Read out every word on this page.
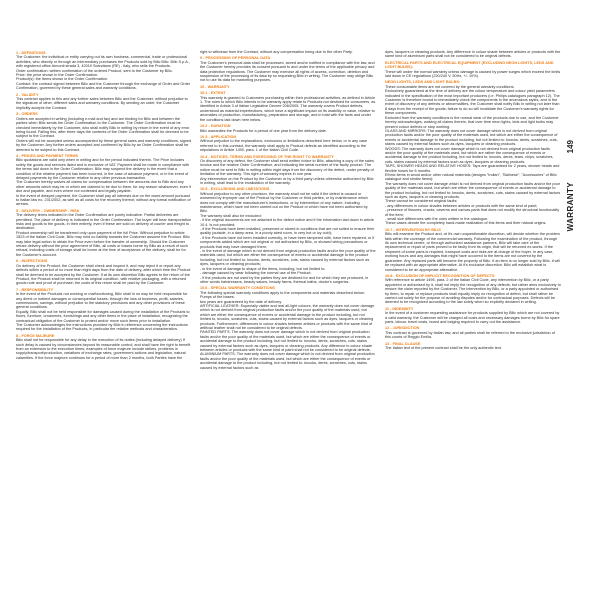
1 - DEFINITIONS

The Customer: the individual or entity carrying out its own business, commercial, trade or professional activities, who directly or through an intermediary purchases the Products sold by Bilic Bilic: Bilic S.p.A., with registered office Annonti strada 3, 42019 Scandiano (RE) - Italy, who sells the Products.

Order confirmation: written confirmation of the ordered Product, sent to the Customer by Bilic.

Price: the price shown in the Order Confirmation.

Product(s): the Items shown in the Order Confirmation.

Contract: the contract signed between Bilic and the Customer through the exchange of Order and Order Confirmation, governed by these general sales and warranty conditions.

2 - VALIDITY

This contract applies to this and any further sales between Bilic and the Customer, without prejudice to the signature of other, different sales and warranty conditions. By sending an order, the Customer implicitly accepts the Contract.

3 - ORDERS

Orders are accepted in writing (including e-mail and fax) and are binding for Bilic and between the parties when Bilic sends the Order Confirmation to the Customer. The Order Confirmation must be checked immediately by the Customer, who shall notify Bilic in writing by return in the event of any error being found. Failing this, after three days the contents of the Order Confirmation shall be deemed to be subject to the Contract.

Orders will not be accepted unless accompanied by these general sales and warranty conditions, signed by the Customer. Any further orders accepted and confirmed by Bilic by an Order Confirmation shall be deemed to be subject to this Contract.

4 - PRICES AND PAYMENT TERMS

Bilic quotations are valid only when in writing and for the period indicated therein. The Price includes solely the goods and services listed and is exclusive of VAT. Payment shall be made in compliance with the terms laid down in the Order Confirmation. Bilic may suspend the delivery in the event that a condition of the relative payment has been incurred, in the case of advance payment, or in the event of delayed payments by the Customer relative to any other previous transaction.

The Customer hereby waives all claims for compensation between the amounts due to Bilic and any other amounts which may be or which are claimed to be due to them, for any reason whatsoever, even if due and payable, and even where not contested and legally payable.

In the event of delayed payment, the Customer shall pay all interests due on the owed amount pursuant to Italian law no. 231/2002, as well as all costs for the recovery thereof, without any formal notification of arrears.

5 - DELIVERY - OWNERSHIP - RISK

The delivery terms indicated in the Order Confirmation are purely indicative. Partial deliveries are permitted. The place of delivery is indicated in the Order Confirmation. The buyer will bear transportation risks and goods to the goods, in their entirety, even if these are sold on delivery of courier and freight to destination.

Product ownership will be transferred only upon payment of the full Price. Without prejudice to article 1523 of the Italian Civil Code, Bilic may hold no liability towards the Customer assume the Product. Bilic may take legal action to obtain the Price even before the transfer of ownership. Should the Customer refuse delivery without the prior agreement of Bilic, all costs or losses borne by Bilic as a result of such refusal, including costs of storage shall be borne at the time of acceptance of the delivery, shall be for the Customer's account.

6 - INSPECTIONS

On delivery of the Product, the Customer shall check and inspect it, and may reject it or report any defects within a period of no more than eight days from the date of delivery, after which time the Product shall be deemed to be accepted by the Customer. If at its own discretion Bilic agrees to the return of the Product, the Product shall be returned in its original condition, with relative packaging, with a returned goods note and proof of purchase; the costs of this return shall be paid by the Customer.

7 - RESPONSIBILITY

In the event of the Products not working or malfunctioning, Bilic shall in no way be held responsible for any direct or indirect damages or consequential losses, through the loss of business, profit, salaries, commissions, savings, without prejudice to the statutory provisions and any other provisions of these general conditions.

Equally, Bilic shall not be held responsible for damages caused during the installation of the Products to floors, furniture, ornaments, furnishings and any other items in the place of installation, recognizing the contractual obligation of the Customer to protect and/or move such items prior to installation.

The Customer acknowledges the instructions provided by Bilic in reference concerning the instructions required for the installation of the Products, in particular the relative methods and characteristics.

8 - FORCE MAJEURE

Bilic shall not be responsible for any delay in the execution of its duties (including delayed delivery) if such delay is caused by circumstances beyond its reasonable control, and shall have the right to benefit from an extension to the execution times; examples of force majeure include strikes, problems in supply/transport/production, variations of exchange rates, government actions and legislation, natural calamities. If the force majeure continues for a period of more than 2 months, both Parties have the

right to withdraw from the Contract, without any compensation being due to the other Party.

9 - PROCESSING OF PERSONAL DATA

The Customer's personal data shall be processed, stored and/or notified in compliance with the law, and the Customer hereby provides its consent pursuant to and under the terms of the applicable privacy and data protection regulations. The Customer may exercise all rights of access, correction, deletion and suspension of the processing of its data by so requesting Bilic in writing. The Customer may oblige Bilic not to use its data for marketing purposes.

10 - WARRANTY

10.1 - EXTENT

This warranty is granted to Customers purchasing within their professional activities, as defined in Article 1. The rules to which Bilic intends to be warranty apply relate to Products not destined for consumers, as identified in Article 3 of Italian Legislative Decree 206/2005. The warranty covers Product defects, understood as material imperfections, which have a significant impact on its usability or value, relative to anomalies of production, manufacturing, preparation and storage, and in total with the facts and under the conditions laid down here below.

10.2 - DURATION

Bilic warranties the Products for a period of one year from the delivery date.

10.3 - APPLICATION

Without prejudice to the explanations, exclusions or limitations described here below, or in any case referred to in this contract, the warranty shall apply to Product defects as identified according to the stipulations in Article 1490, para. 1 of the Italian Civil Code.

10.4 - NOTICES, TERMS AND EXERCISING OF THE RIGHT TO WARRANTY

On discovery of any defect, the Customer shall send written notice to Bilic, attaching a copy of the sales invoice and the relative Order Confirmation, and indicating the serial number of the faulty product. The notice must be sent to Bilic in writing within eight days from the discovery of the defect, under penalty of limitation of the warranty. This right of warranty expires in one year.

Any intervention on the Product by the Customer or by a third party unless otherwise authorized by Bilic in writing, shall lead to the invalidation of the warranty.

10.5 - EXCLUSIONS AND LIMITATIONS

Without prejudice to any other provision, the warranty shall not be valid if the defect is caused or worsened by improper use of the Product by the Customer or third parties, or by maintenance which does not comply with the manufacturer's instructions, or by intervention of any nature, including maintenance, which have not been carried out on the Product or which have not been authorised by Bilic.

The warranty shall also be excluded:

- if the original documents are not attached to the defect notice and if the information laid down in article 10.4. is not provided;

- if the Products have been installed, preserved or stored in conditions that are not suited to ensure their quality (outside, in a damp area, in a poorly aired room, in very hot or icy cold);

- if the Products have not been installed correctly, or have been tampered with, have been repaired, or if components added which are not original or not authorised by Bilic, or showed wiring precautions or products that may have damaged them;

- in the event of damage which is not derived from original production faults and/or the poor quality of the materials used, but which are either the consequence of events or accidental damage to the product including, but not limited to: knocks, dents, scratches, cuts, stains caused by external factors such as dyes, lacquers or cleaning products;

- in the event of damage to shape of the items, including, but not limited to:

- damage caused by wear following the normal use of the Product;

- if the products are not used by the parties they are destined for and for which they are produced, in other words hairdressers, beauty salons, beauty farms, thermal baths, doctor's surgeries.

10.6 - SPECIAL WARRANTY CONDITIONS

The following special warranty conditions apply to the components and materials described below: Pumps of the bases:

two years are guaranteed by the date of delivery.

ARTIFICIAL LEATHER: Especially visible and real all-light colours, the warranty does not cover damage which is not derived from original production faults and/or the poor quality of the materials used, but which are either the consequence of events or accidental damage to the product including, but not limited to, knocks, scratches, cuts, stains caused by external factors such as dyes, lacquers or cleaning products. Furthermore, differences in colour shades between articles or products with the same kind of artificial leather shall not be considered to be original defects.

PAINTED PARTS: The warranty does not cover damage which is not derived from original production faults and/or the poor quality of the materials used, but which are either the consequence of events or accidental damage to the product including, but not limited to: knocks, dents, scratches, cuts, stains caused by external factors such as dyes, lacquers or cleaning products. Any difference in colour shade between articles or products with the same kind of paint shall not be considered to be original defects.

ALUMINIUM PARTS: The warranty does not cover damage which is not derived from original production faults and/or the poor quality of the materials used, but which are either the consequence of events or accidental damage to the product including, but not limited to: knocks, dents, scratches, cuts, stains caused by external factors such as

dyes, lacquers or cleaning products. Any difference in colour shade between articles or products with the same kind of aluminium parts shall not be considered to be original defects.

ELECTRICAL PARTS AND ELECTRICAL EQUIPMENT (EXCLUDING NEON LIGHTS, LEDS AND LIGHT BULBS):

These will under the normal warranty unless damage is caused by power surges which exceed the limits laid down in CE regulations (220/240 V, 50Hz, +/- 10%).

NEON LIGHTS, LEDS AND LIGHT BULBS:

These consumable items are not covered by the general warranty conditions.

Exclusively guaranteed at the time of delivery are the colour temperature and colour yield parameters indicated in the specification of the most important producers (i.e. Philips catalogues paragraph 12). The Customer is therefore bound to immediately check the components in the anomalous styles, and in the event of discovery of any defects or abnormalities, the Customer shall notify Bilic in writing not later than 8 days from the receipt of the goods; failure to do so will invalidate the Customer's warranty rights for these components.

Excluded from the warranty conditions is the normal wear of the products due to use, and the Customer hereby acknowledges, waiving all claims therein, that over time neon lights, leds and light bulbs may present colour defects or stop working.

GLASS AND MIRRORS: The warranty does not cover damage which is not derived from original production faults and/or the poor quality of the materials used, but which are either the consequence of events or accidental damage to the product including, but not limited to: knocks, dents, scratches, cuts, stains caused by external factors such as dyes, lacquers or cleaning products.

WOODS: The warranty does not cover damage which is not derived from original production faults and/or the poor quality of the materials used, but which are rather the consequence of events or accidental damage to the product including, but not limited to: knocks, dents, tears, chips, scratches, cuts, stains caused by external factors such as dyes, lacquers or cleaning products.

TAPS, SHOWER HEADS AND RELATIVE HOSES: Taps are guaranteed for 2 years, shower heads and flexible hoses for 6 months.

Ethnic items in wood and/or other natural materials (designs "Indian", "Balinese", "Accessories" of Bilic catalogue and similar items):

The warranty does not cover damage which is not derived from original production faults and/or the poor quality of the materials used, but which are either the consequence of events or accidental damage to the product including, but not limited to: knocks, dents, scratches, cuts, stains caused by external factors such as dyes, lacquers or cleaning products.

These cannot be considered original faults:

- any differences in colour shades between articles or products with the same kind of paint;

- presence of fissures, cracks, caverns and canvas parts that does not modify the structural functionality of the item;

- small size differences with the ones written in the catalogue.

These cases denote the completely hand-made realization of this items and their natural origins.

10.7 - INTERVENTION BY BILIC

Bilic will examine the Product and, at it's own unquestionable discretion, will decide whether the problem falls within the coverage of the commercial warranty. Following the examination of the product, through its own technical centre, or through authorized assistance partners, Bilic will take care of the replacement or repair of parts proved to be faulty from its origin, that will be returned ex-works. If the shipment of some parts is required, transport costs and risks are at charge of the buyer. In any case, working hours and any damages that might have occurred to the items are not covered by the guarantee. Any replaced parts will become the property of Bilic. If an item is no longer sold by Bilic, it will be replaced with an appropriate alternative. At it's exclusive discretion, Bilic will establish what is considered to be an appropriate alternative.

10.8 - EXCLUSION OF IMPLICIT RECOGNITION OF DEFECTS

With reference to article 1495, para. 2 of the Italian Civil Code, any intervention by Bilic, or a party appointed or authorised by it, shall not imply the recognition of any defects, but rather aims exclusively to ensure the claim reported by the Customer. The intervention by Bilic, or a party appointed or authorised by them, to repair or replace products shall equally imply no recognition of defect, but shall rather be carried out solely for the purpose of avoiding disputes and/or for contractual purposes. Defects will be deemed to be recognized according to the law solely when so explicitly declared in writing.

11 - INDEMNITY

In the event of a customer requesting assistance for products supplied by Bilic which are not covered by a valid warranty, the Customer will be charged all costs and necessary damages borne by Bilic for spare parts, labour, travel costs, board and lodging required to carry out the assistance.

12 - JURISDICTION

This contract is governed by Italian law, and all parties shall be referred to the exclusive jurisdiction of this courts of Reggio Emilia.

13 - FINAL CLAUSE

The Italian text of the present contract shall be the only authentic text.

149
WARRANTY
